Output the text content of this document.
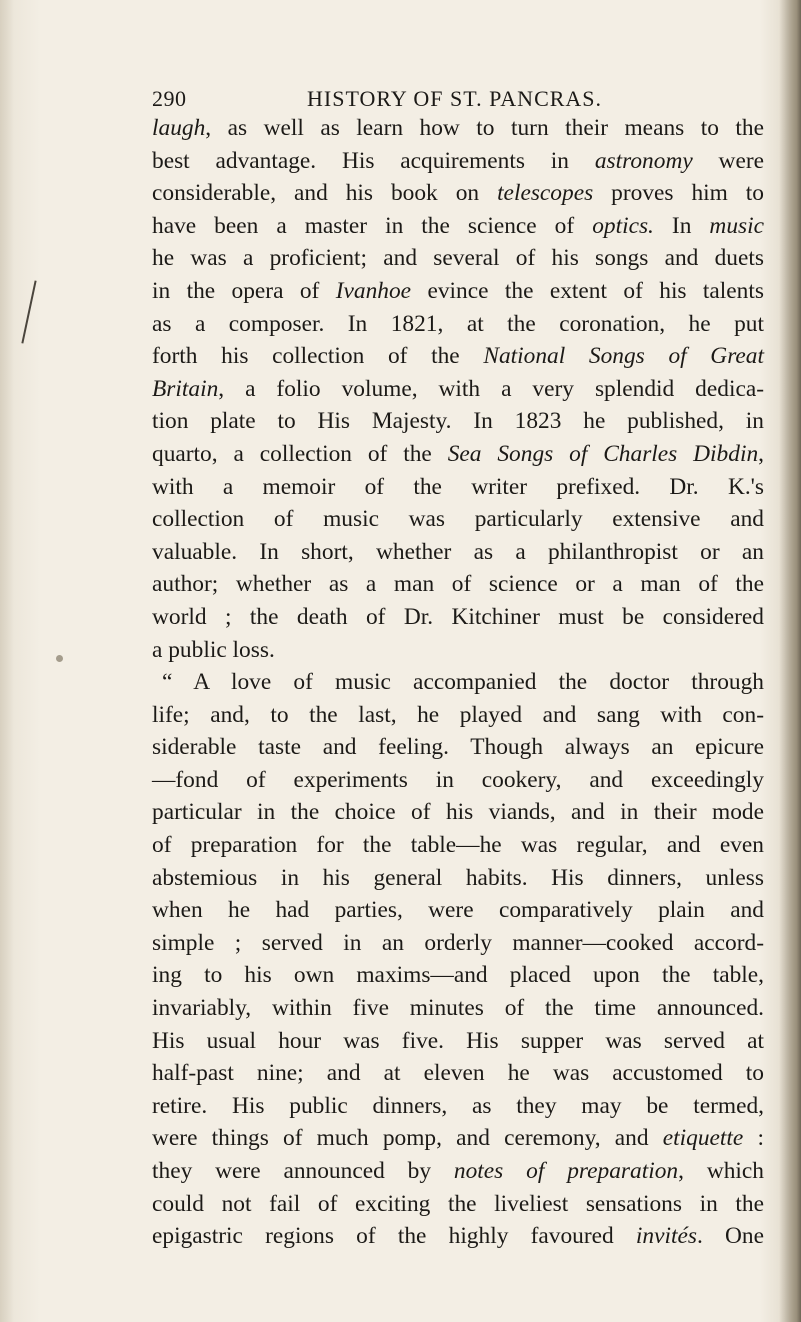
290	HISTORY OF ST. PANCRAS.
laugh, as well as learn how to turn their means to the
best advantage. His acquirements in astronomy were
considerable, and his book on telescopes proves him to
have been a master in the science of optics. In music
he was a proficient; and several of his songs and duets
in the opera of Ivanhoe evince the extent of his talents
as a composer. In 1821, at the coronation, he put
forth his collection of the National Songs of Great
Britain, a folio volume, with a very splendid dedica-
tion plate to His Majesty. In 1823 he published, in
quarto, a collection of the Sea Songs of Charles Dibdin,
with a memoir of the writer prefixed. Dr. K.'s
collection of music was particularly extensive and
valuable. In short, whether as a philanthropist or an
author; whether as a man of science or a man of the
world ; the death of Dr. Kitchiner must be considered
a public loss.
“ A love of music accompanied the doctor through
life; and, to the last, he played and sang with con-
siderable taste and feeling. Though always an epicure
—fond of experiments in cookery, and exceedingly
particular in the choice of his viands, and in their mode
of preparation for the table—he was regular, and even
abstemious in his general habits. His dinners, unless
when he had parties, were comparatively plain and
simple ; served in an orderly manner—cooked accord-
ing to his own maxims—and placed upon the table,
invariably, within five minutes of the time announced.
His usual hour was five. His supper was served at
half-past nine; and at eleven he was accustomed to
retire. His public dinners, as they may be termed,
were things of much pomp, and ceremony, and etiquette :
they were announced by notes of preparation, which
could not fail of exciting the liveliest sensations in the
epigastric regions of the highly favoured invités. One
